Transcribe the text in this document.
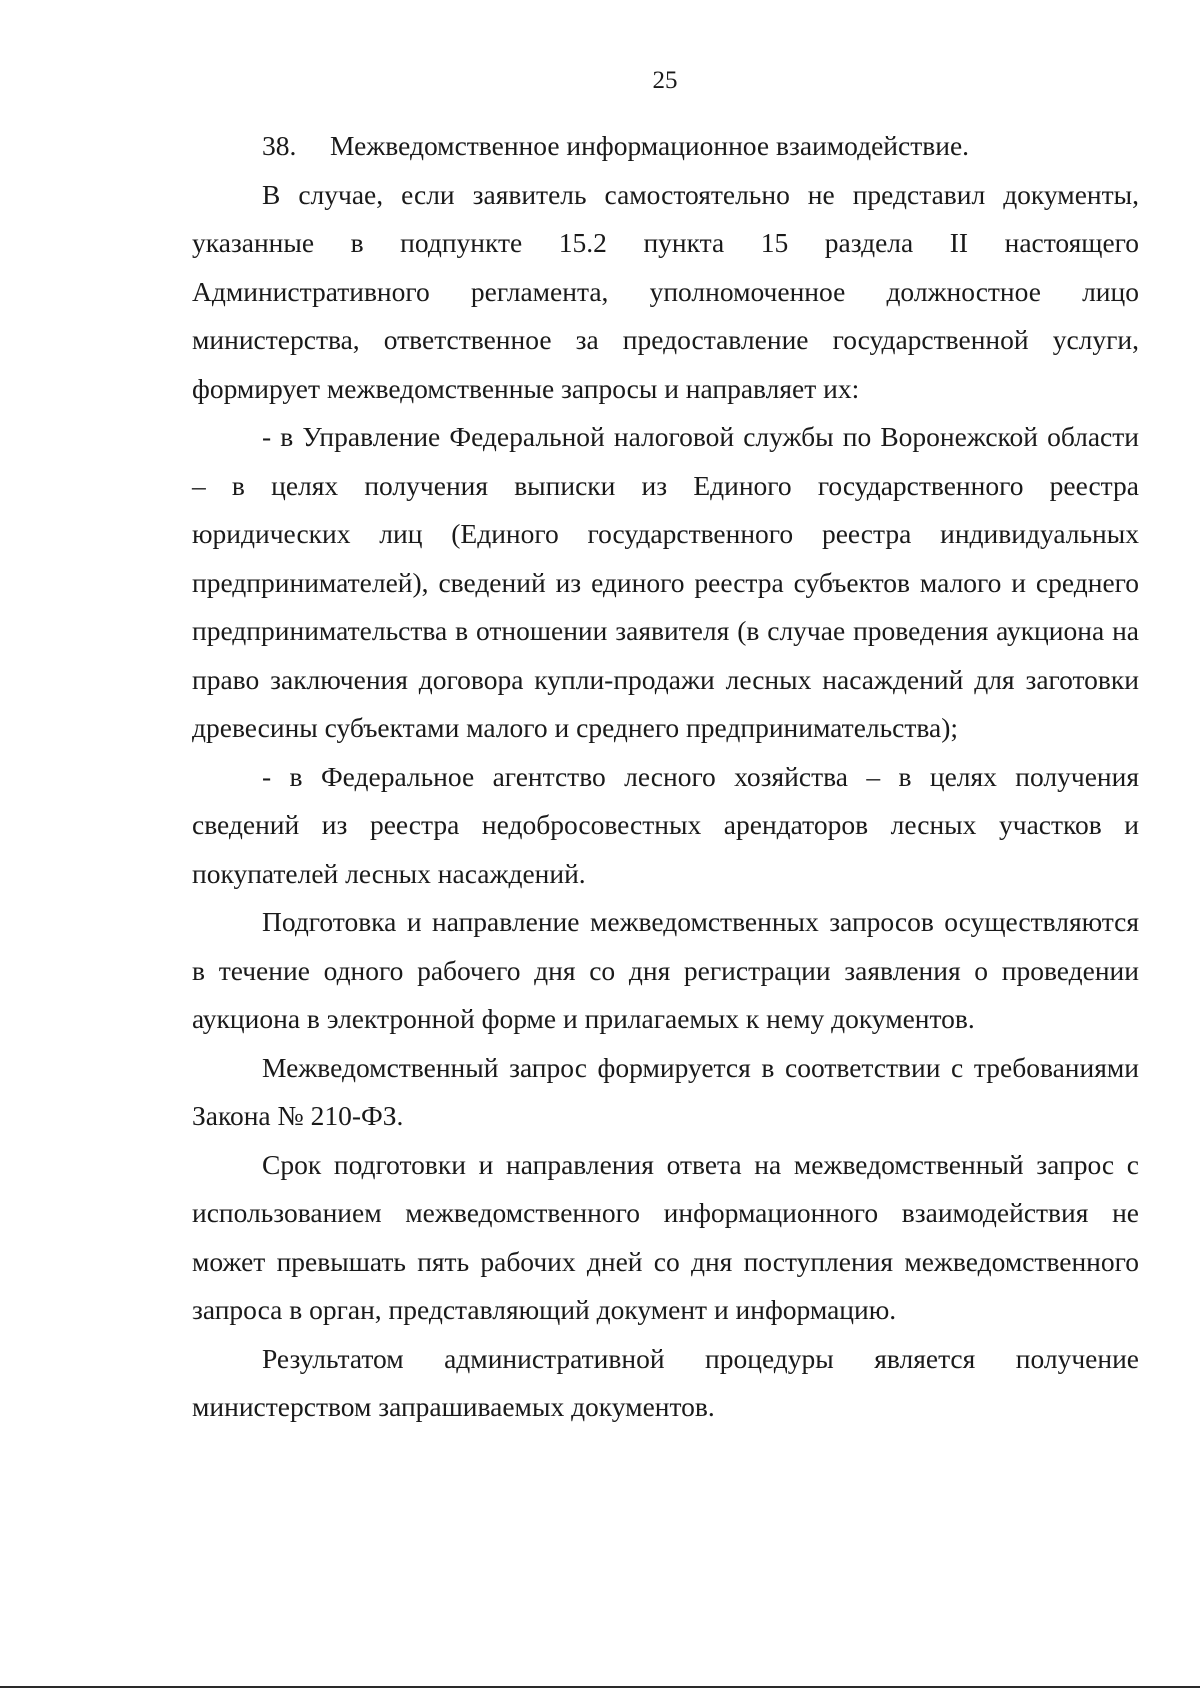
25

38. Межведомственное информационное взаимодействие.

В случае, если заявитель самостоятельно не представил документы, указанные в подпункте 15.2 пункта 15 раздела II настоящего Административного регламента, уполномоченное должностное лицо министерства, ответственное за предоставление государственной услуги, формирует межведомственные запросы и направляет их:

- в Управление Федеральной налоговой службы по Воронежской области – в целях получения выписки из Единого государственного реестра юридических лиц (Единого государственного реестра индивидуальных предпринимателей), сведений из единого реестра субъектов малого и среднего предпринимательства в отношении заявителя (в случае проведения аукциона на право заключения договора купли-продажи лесных насаждений для заготовки древесины субъектами малого и среднего предпринимательства);

- в Федеральное агентство лесного хозяйства – в целях получения сведений из реестра недобросовестных арендаторов лесных участков и покупателей лесных насаждений.

Подготовка и направление межведомственных запросов осуществляются в течение одного рабочего дня со дня регистрации заявления о проведении аукциона в электронной форме и прилагаемых к нему документов.

Межведомственный запрос формируется в соответствии с требованиями Закона № 210-ФЗ.

Срок подготовки и направления ответа на межведомственный запрос с использованием межведомственного информационного взаимодействия не может превышать пять рабочих дней со дня поступления межведомственного запроса в орган, представляющий документ и информацию.

Результатом административной процедуры является получение министерством запрашиваемых документов.
